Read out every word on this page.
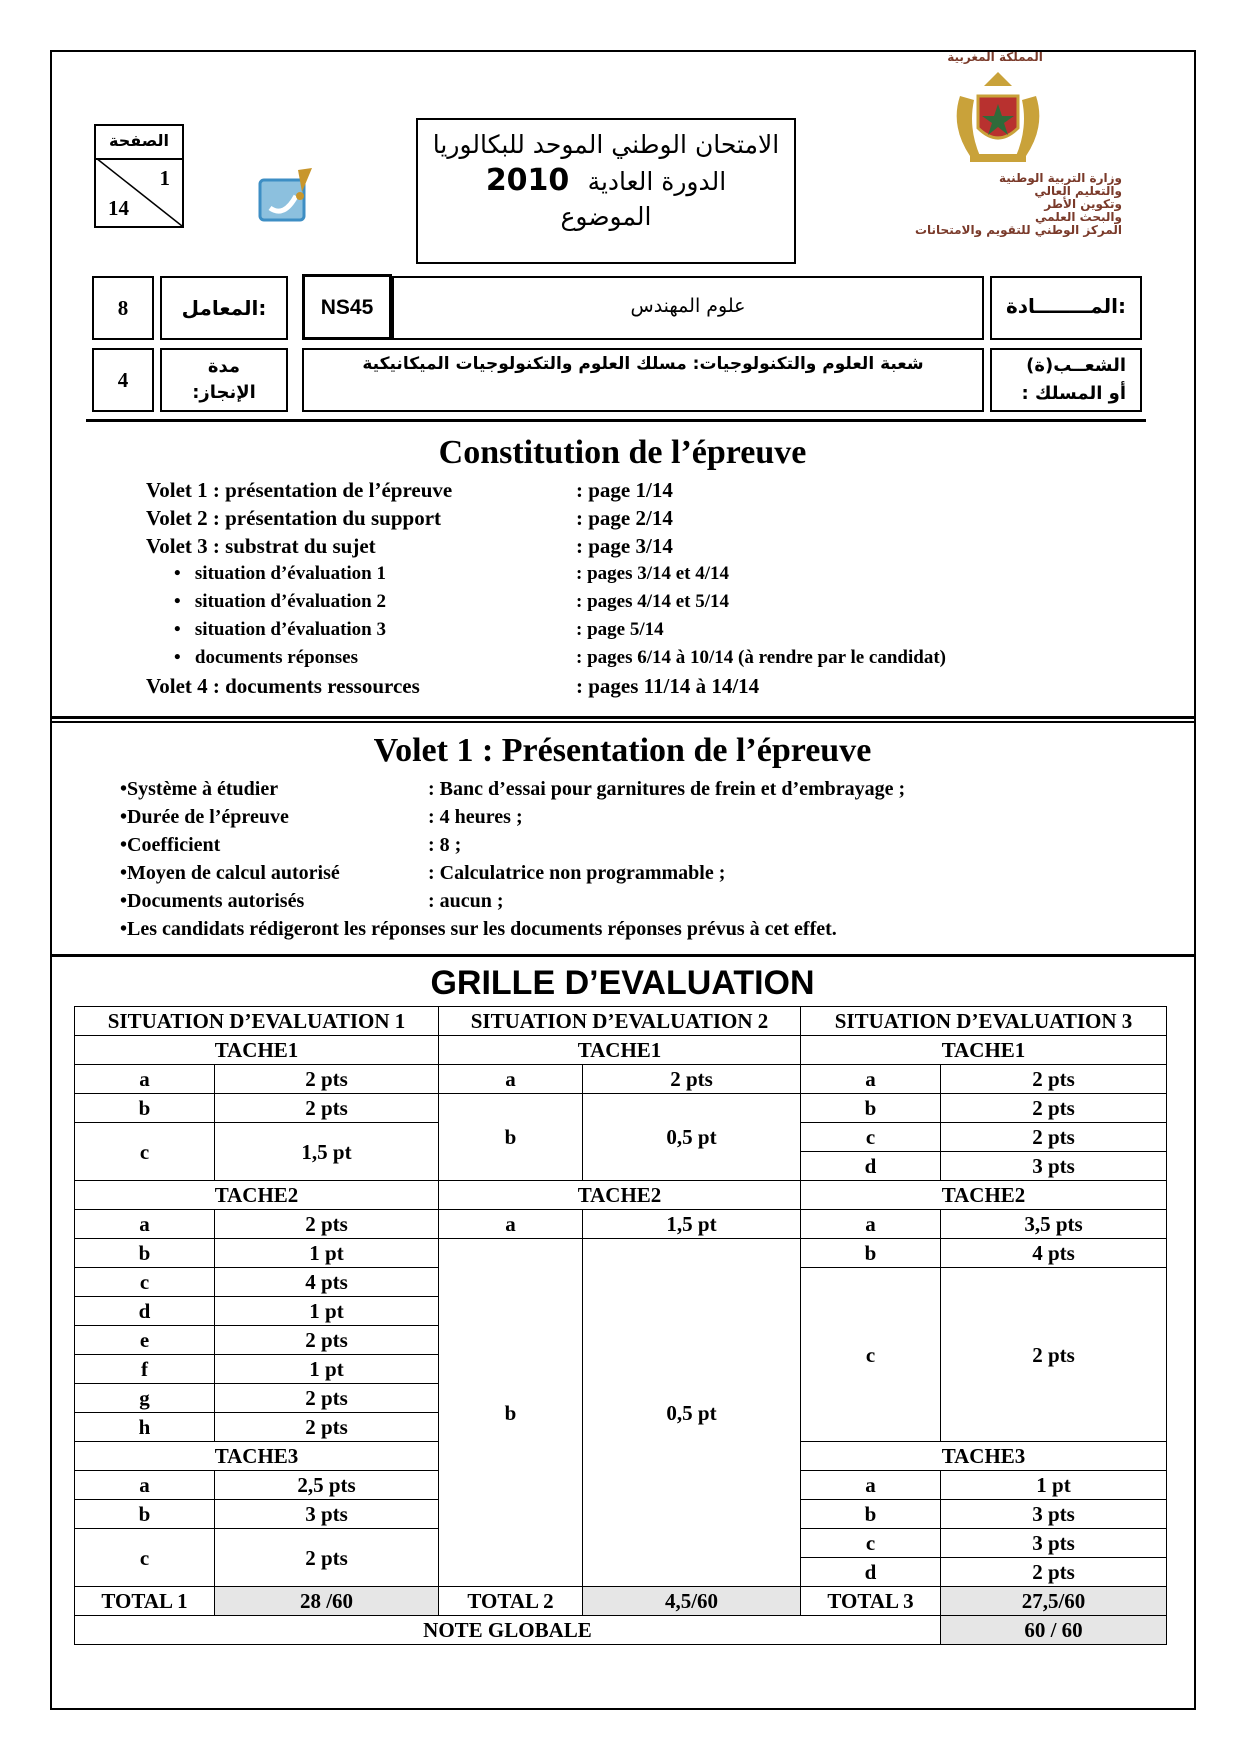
الصفحة
1
14
الامتحان الوطني الموحد للبكالوريا
الدورة العادية 2010
الموضوع
المملكة المغربية
وزارة التربية الوطنية
والتعليم العالي
وتكوين الأطر
والبحث العلمي
المركز الوطني للتقويم والامتحانات
8	المعامل:	NS45	علوم المهندس	المــــــــادة:
4
مدة
الإنجاز:
شعبة العلوم والتكنولوجيات: مسلك العلوم والتكنولوجيات الميكانيكية	الشعــب(ة)
أو المسلك :
Constitution de l’épreuve
Volet 1 : présentation de l’épreuve	: page 1/14
Volet 2 : présentation du support	: page 2/14
Volet 3 : substrat du sujet	: page 3/14
•   situation d’évaluation 1	: pages 3/14 et 4/14
•   situation d’évaluation 2	: pages 4/14 et 5/14
•   situation d’évaluation 3	: page 5/14
•   documents réponses	: pages 6/14 à 10/14 (à rendre par le candidat)
Volet 4 : documents ressources	: pages 11/14 à 14/14
Volet 1 : Présentation de l’épreuve
•Système à étudier	: Banc d’essai pour garnitures de frein et d’embrayage ;
•Durée de l’épreuve	: 4 heures ;
•Coefficient	: 8 ;
•Moyen de calcul autorisé	: Calculatrice non programmable ;
•Documents autorisés	: aucun ;
•Les candidats rédigeront les réponses sur les documents réponses prévus à cet effet.
GRILLE D’EVALUATION
SITUATION D’EVALUATION 1		SITUATION D’EVALUATION 2		SITUATION D’EVALUATION 3	
TACHE1		TACHE1		TACHE1	
a	2 pts	a	2 pts	a	2 pts
b	2 pts	b	0,5 pt	b	2 pts
c	1,5 pt			c	2 pts
				d	3 pts
TACHE2		TACHE2		TACHE2	
a	2 pts	a	1,5 pt	a	3,5 pts
b	1 pt	b	0,5 pt	b	4 pts
c	4 pts			c	2 pts
d	1 pt				
e	2 pts				
f	1 pt				
g	2 pts				
h	2 pts				
TACHE3				TACHE3	
a	2,5 pts			a	1 pt
b	3 pts			b	3 pts
c	2 pts			c	3 pts
				d	2 pts
TOTAL 1	28 /60	TOTAL 2	4,5/60	TOTAL 3	27,5/60
NOTE GLOBALE					60 / 60
